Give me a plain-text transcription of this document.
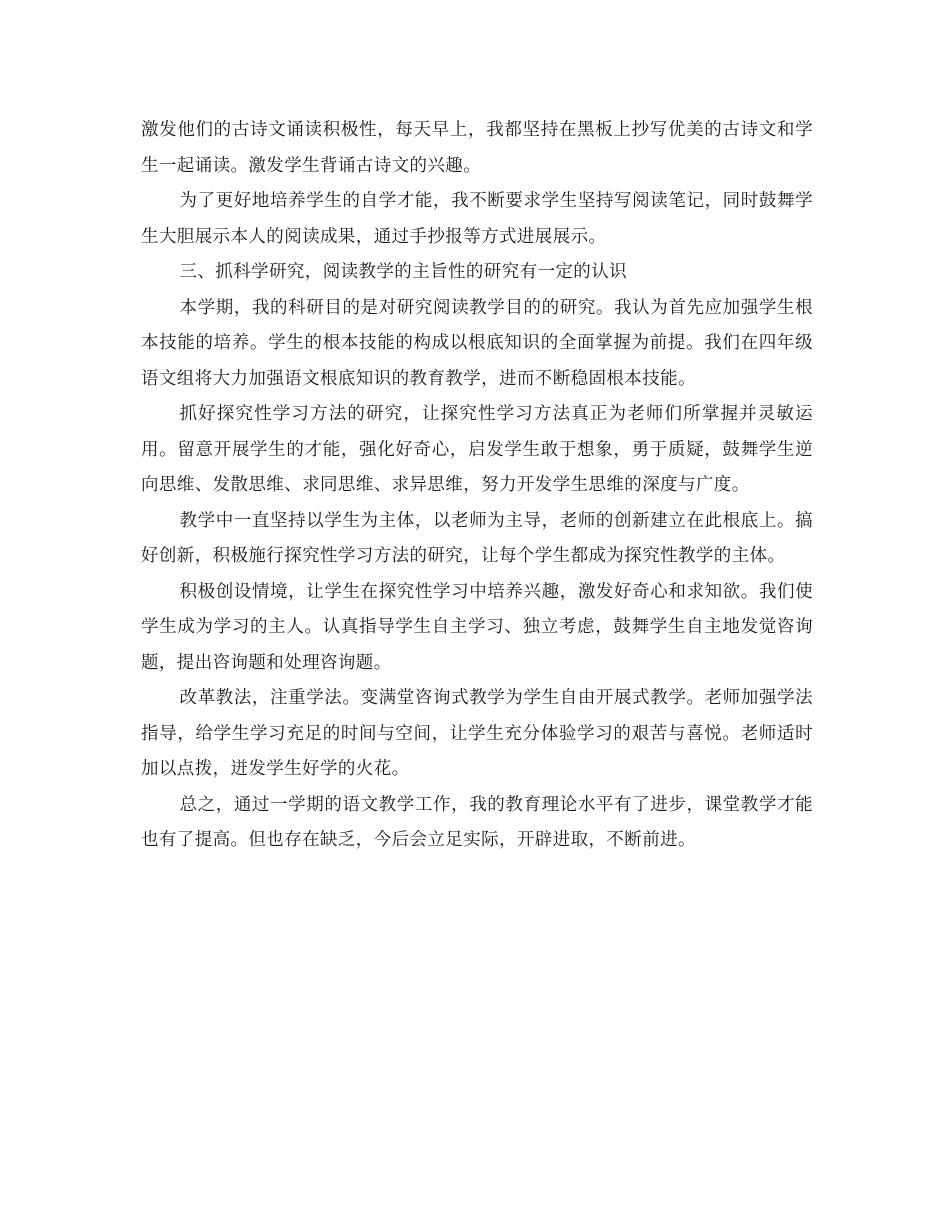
激发他们的古诗文诵读积极性，每天早上，我都坚持在黑板上抄写优美的古诗文和学生一起诵读。激发学生背诵古诗文的兴趣。

为了更好地培养学生的自学才能，我不断要求学生坚持写阅读笔记，同时鼓舞学生大胆展示本人的阅读成果，通过手抄报等方式进展展示。

三、抓科学研究，阅读教学的主旨性的研究有一定的认识

本学期，我的科研目的是对研究阅读教学目的的研究。我认为首先应加强学生根本技能的培养。学生的根本技能的构成以根底知识的全面掌握为前提。我们在四年级语文组将大力加强语文根底知识的教育教学，进而不断稳固根本技能。

抓好探究性学习方法的研究，让探究性学习方法真正为老师们所掌握并灵敏运用。留意开展学生的才能，强化好奇心，启发学生敢于想象，勇于质疑，鼓舞学生逆向思维、发散思维、求同思维、求异思维，努力开发学生思维的深度与广度。

教学中一直坚持以学生为主体，以老师为主导，老师的创新建立在此根底上。搞好创新，积极施行探究性学习方法的研究，让每个学生都成为探究性教学的主体。

积极创设情境，让学生在探究性学习中培养兴趣，激发好奇心和求知欲。我们使学生成为学习的主人。认真指导学生自主学习、独立考虑，鼓舞学生自主地发觉咨询题，提出咨询题和处理咨询题。

改革教法，注重学法。变满堂咨询式教学为学生自由开展式教学。老师加强学法指导，给学生学习充足的时间与空间，让学生充分体验学习的艰苦与喜悦。老师适时加以点拨，迸发学生好学的火花。

总之，通过一学期的语文教学工作，我的教育理论水平有了进步，课堂教学才能也有了提高。但也存在缺乏，今后会立足实际，开辟进取，不断前进。
